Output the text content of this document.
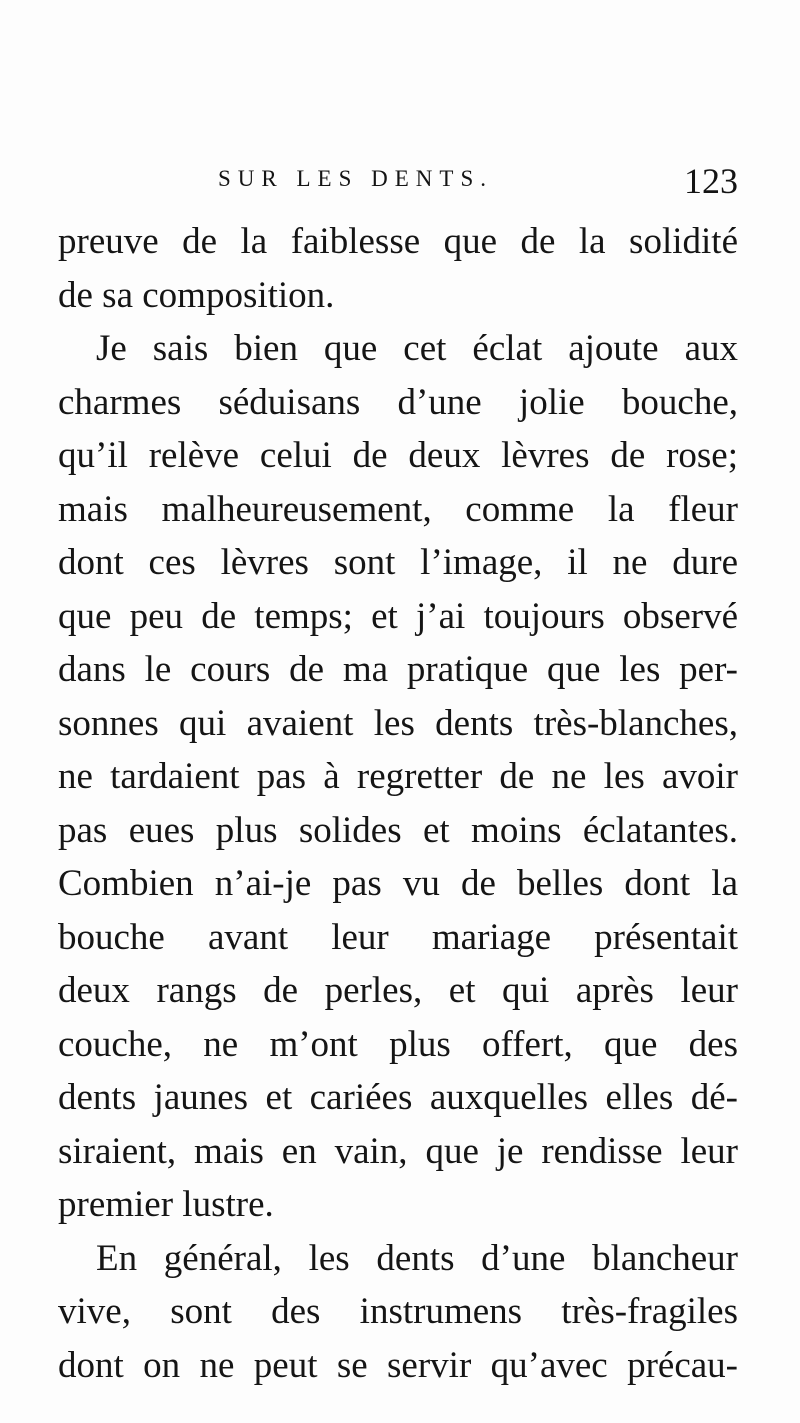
SUR LES DENTS.	123
preuve de la faiblesse que de la solidité
de sa composition.
Je sais bien que cet éclat ajoute aux
charmes séduisans d’une jolie bouche,
qu’il relève celui de deux lèvres de rose;
mais malheureusement, comme la fleur
dont ces lèvres sont l’image, il ne dure
que peu de temps; et j’ai toujours observé
dans le cours de ma pratique que les per-
sonnes qui avaient les dents très-blanches,
ne tardaient pas à regretter de ne les avoir
pas eues plus solides et moins éclatantes.
Combien n’ai-je pas vu de belles dont la
bouche avant leur mariage présentait
deux rangs de perles, et qui après leur
couche, ne m’ont plus offert, que des
dents jaunes et cariées auxquelles elles dé-
siraient, mais en vain, que je rendisse leur
premier lustre.
En général, les dents d’une blancheur
vive, sont des instrumens très-fragiles
dont on ne peut se servir qu’avec précau-
